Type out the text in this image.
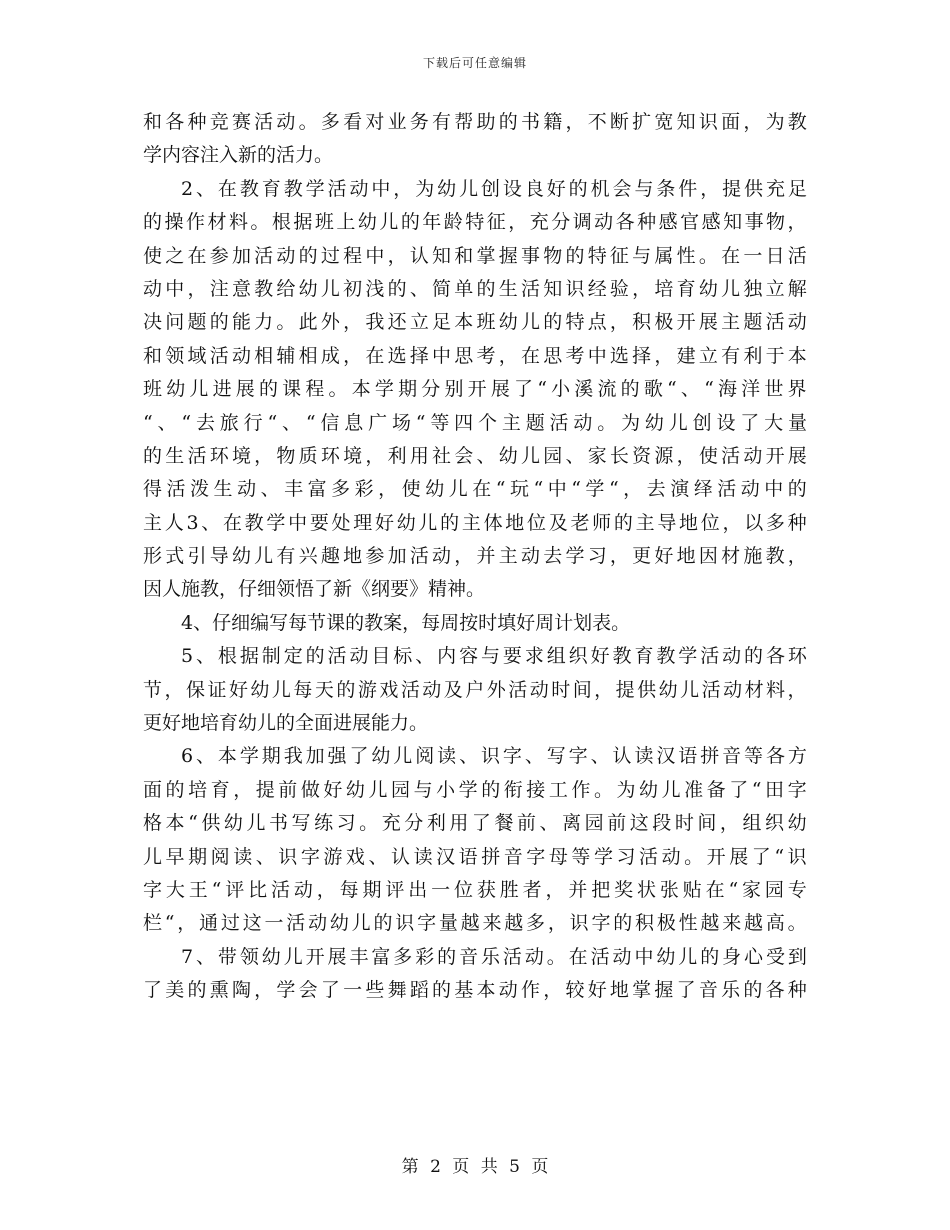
下载后可任意编辑
和 各 种 竞 赛 活 动 。 多 看 对 业 务 有 帮 助 的 书 籍 ， 不 断 扩 宽 知 识 面 ， 为 教
学内容注入新的活力。
2 、 在 教 育 教 学 活 动 中 ， 为 幼 儿 创 设 良 好 的 机 会 与 条 件 ， 提 供 充 足
的 操 作 材 料 。 根 据 班 上 幼 儿 的 年 龄 特 征 ， 充 分 调 动 各 种 感 官 感 知 事 物 ，
使 之 在 参 加 活 动 的 过 程 中 ， 认 知 和 掌 握 事 物 的 特 征 与 属 性 。 在 一 日 活
动 中 ， 注 意 教 给 幼 儿 初 浅 的 、 简 单 的 生 活 知 识 经 验 ， 培 育 幼 儿 独 立 解
决 问 题 的 能 力 。 此 外 ， 我 还 立 足 本 班 幼 儿 的 特 点 ， 积 极 开 展 主 题 活 动
和 领 域 活 动 相 辅 相 成 ， 在 选 择 中 思 考 ， 在 思 考 中 选 择 ， 建 立 有 利 于 本
班 幼 儿 进 展 的 课 程 。 本 学 期 分 别 开 展 了 “ 小 溪 流 的 歌 “ 、 “ 海 洋 世 界
“ 、 “ 去 旅 行 “ 、 “ 信 息 广 场 “ 等 四 个 主 题 活 动 。 为 幼 儿 创 设 了 大 量
的 生 活 环 境 ， 物 质 环 境 ， 利 用 社 会 、 幼 儿 园 、 家 长 资 源 ， 使 活 动 开 展
得 活 泼 生 动 、 丰 富 多 彩 ， 使 幼 儿 在 “ 玩 “ 中 “ 学 “ ， 去 演 绎 活 动 中 的
主 人 3 、 在 教 学 中 要 处 理 好 幼 儿 的 主 体 地 位 及 老 师 的 主 导 地 位 ， 以 多 种
形 式 引 导 幼 儿 有 兴 趣 地 参 加 活 动 ， 并 主 动 去 学 习 ， 更 好 地 因 材 施 教 ，
因人施教，仔细领悟了新《纲要》精神。
4、仔细编写每节课的教案，每周按时填好周计划表。
5 、 根 据 制 定 的 活 动 目 标 、 内 容 与 要 求 组 织 好 教 育 教 学 活 动 的 各 环
节 ， 保 证 好 幼 儿 每 天 的 游 戏 活 动 及 户 外 活 动 时 间 ， 提 供 幼 儿 活 动 材 料 ，
更好地培育幼儿的全面进展能力。
6 、 本 学 期 我 加 强 了 幼 儿 阅 读 、 识 字 、 写 字 、 认 读 汉 语 拼 音 等 各 方
面 的 培 育 ， 提 前 做 好 幼 儿 园 与 小 学 的 衔 接 工 作 。 为 幼 儿 准 备 了 “ 田 字
格 本 “ 供 幼 儿 书 写 练 习 。 充 分 利 用 了 餐 前 、 离 园 前 这 段 时 间 ， 组 织 幼
儿 早 期 阅 读 、 识 字 游 戏 、 认 读 汉 语 拼 音 字 母 等 学 习 活 动 。 开 展 了 “ 识
字 大 王 “ 评 比 活 动 ， 每 期 评 出 一 位 获 胜 者 ， 并 把 奖 状 张 贴 在 “ 家 园 专
栏 “ ， 通 过 这 一 活 动 幼 儿 的 识 字 量 越 来 越 多 ， 识 字 的 积 极 性 越 来 越 高 。
7 、 带 领 幼 儿 开 展 丰 富 多 彩 的 音 乐 活 动 。 在 活 动 中 幼 儿 的 身 心 受 到
了 美 的 熏 陶 ， 学 会 了 一 些 舞 蹈 的 基 本 动 作 ， 较 好 地 掌 握 了 音 乐 的 各 种
第 2 页 共 5 页
